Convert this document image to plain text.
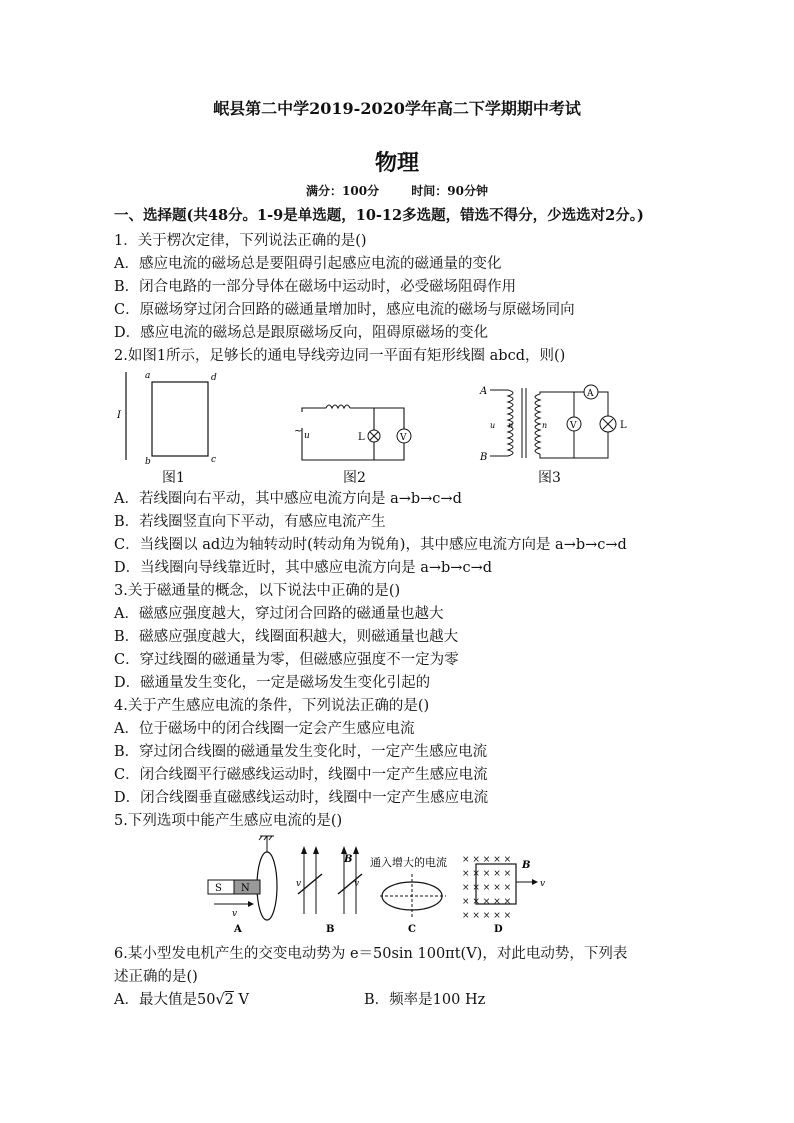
岷县第二中学2019-2020学年高二下学期期中考试
物理
满分：100分	时间：90分钟
一、选择题(共48分。1-9是单选题，10-12多选题，错选不得分，少选选对2分。)
1．关于楞次定律，下列说法正确的是()
A．感应电流的磁场总是要阻碍引起感应电流的磁通量的变化
B．闭合电路的一部分导体在磁场中运动时，必受磁场阻碍作用
C．原磁场穿过闭合回路的磁通量增加时，感应电流的磁场与原磁场同向
D．感应电流的磁场总是跟原磁场反向，阻碍原磁场的变化
2.如图1所示，足够长的通电导线旁边同一平面有矩形线圈 abcd，则()
I
a	d
b	c
图1
~ u	L	V
图2
A
B
u n	n
A
V	L
图3
A．若线圈向右平动，其中感应电流方向是 a→b→c→d
B．若线圈竖直向下平动，有感应电流产生
C．当线圈以 ad边为轴转动时(转动角为锐角)，其中感应电流方向是 a→b→c→d
D．当线圈向导线靠近时，其中感应电流方向是 a→b→c→d
3.关于磁通量的概念，以下说法中正确的是()
A．磁感应强度越大，穿过闭合回路的磁通量也越大
B．磁感应强度越大，线圈面积越大，则磁通量也越大
C．穿过线圈的磁通量为零，但磁感应强度不一定为零
D．磁通量发生变化，一定是磁场发生变化引起的
4.关于产生感应电流的条件，下列说法正确的是()
A．位于磁场中的闭合线圈一定会产生感应电流
B．穿过闭合线圈的磁通量发生变化时，一定产生感应电流
C．闭合线圈平行磁感线运动时，线圈中一定产生感应电流
D．闭合线圈垂直磁感线运动时，线圈中一定产生感应电流
5.下列选项中能产生感应电流的是()
S N
v
A
B
v	v
B
通入增大的电流
C
× × × × ×
× × × × ×
× × × × ×
× × × × ×
× × × × ×
B
v
D
6.某小型发电机产生的交变电动势为 e＝50sin 100πt(V)，对此电动势，下列表
述正确的是()
A．最大值是50√2 V	B．频率是100 Hz
